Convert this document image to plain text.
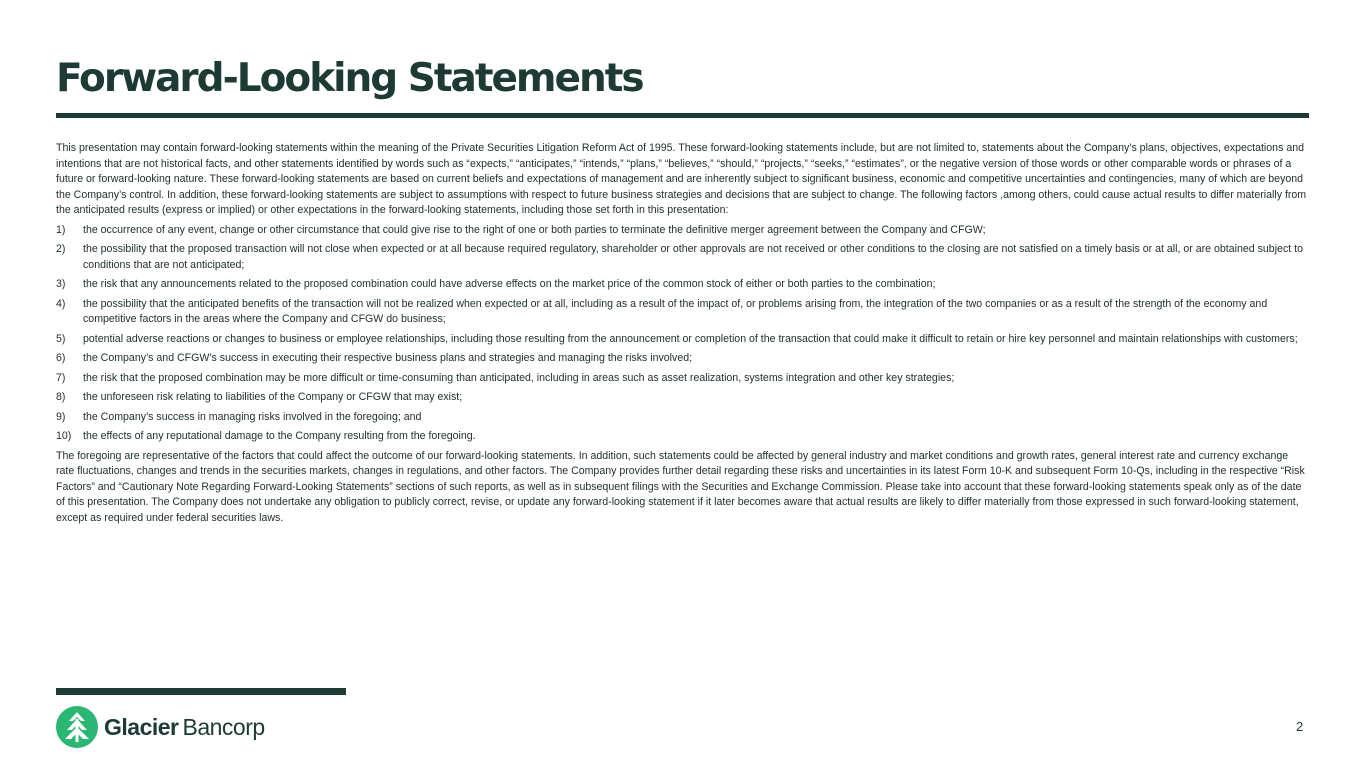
Forward-Looking Statements

This presentation may contain forward-looking statements within the meaning of the Private Securities Litigation Reform Act of 1995. These forward-looking statements include, but are not limited to, statements about the Company’s plans, objectives, expectations and intentions that are not historical facts, and other statements identified by words such as “expects,” “anticipates,” “intends,” “plans,” “believes,” “should,” “projects,” “seeks,” “estimates”, or the negative version of those words or other comparable words or phrases of a future or forward-looking nature. These forward-looking statements are based on current beliefs and expectations of management and are inherently subject to significant business, economic and competitive uncertainties and contingencies, many of which are beyond the Company’s control. In addition, these forward-looking statements are subject to assumptions with respect to future business strategies and decisions that are subject to change. The following factors ,among others, could cause actual results to differ materially from the anticipated results (express or implied) or other expectations in the forward-looking statements, including those set forth in this presentation:

1)	the occurrence of any event, change or other circumstance that could give rise to the right of one or both parties to terminate the definitive merger agreement between the Company and CFGW;
2)	the possibility that the proposed transaction will not close when expected or at all because required regulatory, shareholder or other approvals are not received or other conditions to the closing are not satisfied on a timely basis or at all, or are obtained subject to conditions that are not anticipated;
3)	the risk that any announcements related to the proposed combination could have adverse effects on the market price of the common stock of either or both parties to the combination;
4)	the possibility that the anticipated benefits of the transaction will not be realized when expected or at all, including as a result of the impact of, or problems arising from, the integration of the two companies or as a result of the strength of the economy and competitive factors in the areas where the Company and CFGW do business;
5)	potential adverse reactions or changes to business or employee relationships, including those resulting from the announcement or completion of the transaction that could make it difficult to retain or hire key personnel and maintain relationships with customers;
6)	the Company’s and CFGW’s success in executing their respective business plans and strategies and managing the risks involved;
7)	the risk that the proposed combination may be more difficult or time-consuming than anticipated, including in areas such as asset realization, systems integration and other key strategies;
8)	the unforeseen risk relating to liabilities of the Company or CFGW that may exist;
9)	the Company’s success in managing risks involved in the foregoing; and
10)	the effects of any reputational damage to the Company resulting from the foregoing.

The foregoing are representative of the factors that could affect the outcome of our forward-looking statements. In addition, such statements could be affected by general industry and market conditions and growth rates, general interest rate and currency exchange rate fluctuations, changes and trends in the securities markets, changes in regulations, and other factors. The Company provides further detail regarding these risks and uncertainties in its latest Form 10-K and subsequent Form 10-Qs, including in the respective “Risk Factors” and “Cautionary Note Regarding Forward-Looking Statements” sections of such reports, as well as in subsequent filings with the Securities and Exchange Commission. Please take into account that these forward-looking statements speak only as of the date of this presentation. The Company does not undertake any obligation to publicly correct, revise, or update any forward-looking statement if it later becomes aware that actual results are likely to differ materially from those expressed in such forward-looking statement, except as required under federal securities laws.

Glacier Bancorp	2
